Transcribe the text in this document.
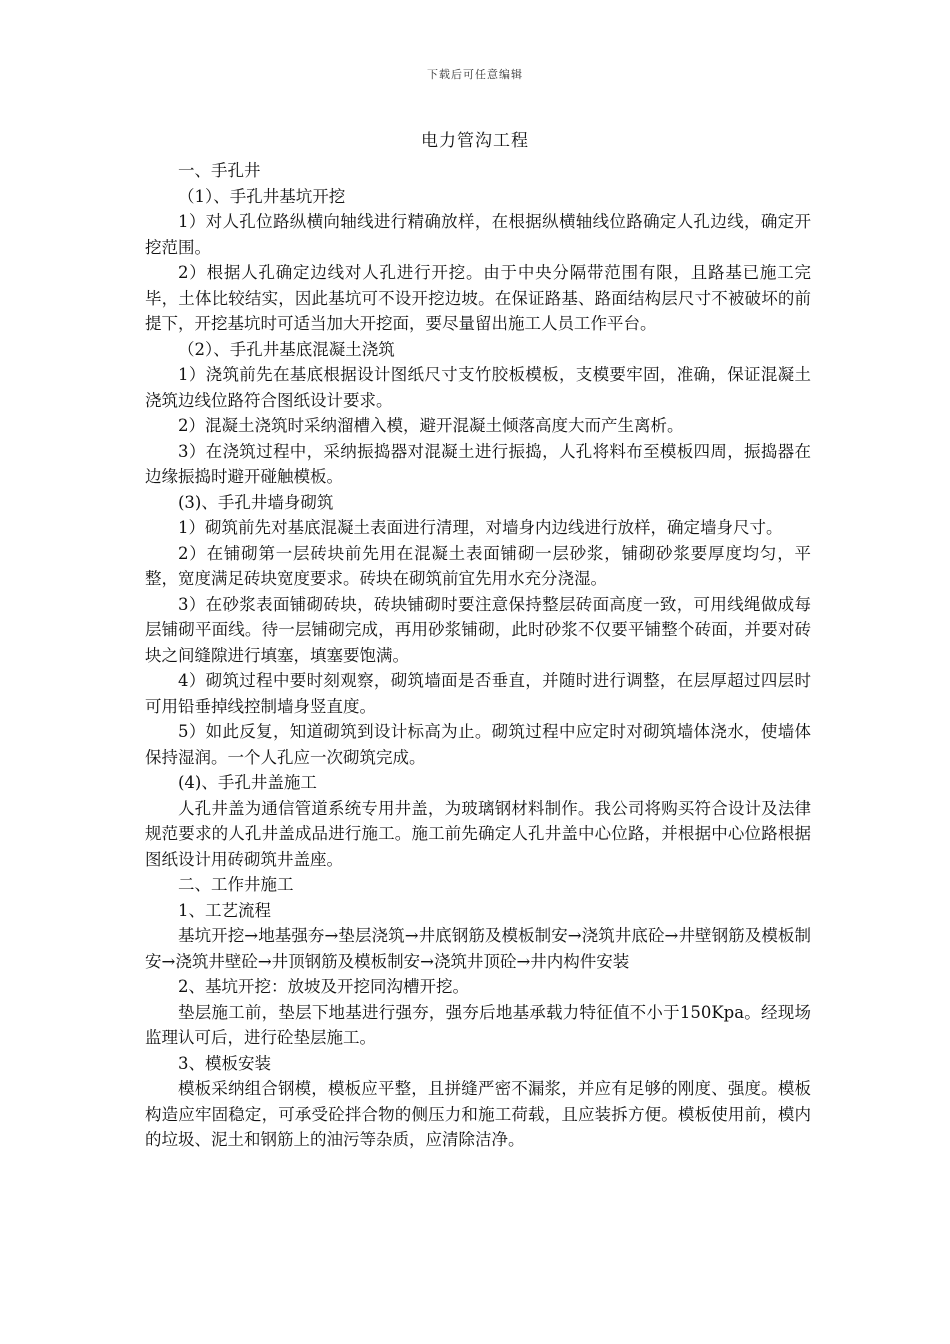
下载后可任意编辑
电力管沟工程

一、手孔井

（1）、手孔井基坑开挖

1）对人孔位路纵横向轴线进行精确放样，在根据纵横轴线位路确定人孔边线，确定开挖范围。

2）根据人孔确定边线对人孔进行开挖。由于中央分隔带范围有限，且路基已施工完毕，土体比较结实，因此基坑可不设开挖边坡。在保证路基、路面结构层尺寸不被破坏的前提下，开挖基坑时可适当加大开挖面，要尽量留出施工人员工作平台。

（2）、手孔井基底混凝土浇筑

1）浇筑前先在基底根据设计图纸尺寸支竹胶板模板，支模要牢固，准确，保证混凝土浇筑边线位路符合图纸设计要求。

2）混凝土浇筑时采纳溜槽入模，避开混凝土倾落高度大而产生离析。

3）在浇筑过程中，采纳振捣器对混凝土进行振捣，人孔将料布至模板四周，振捣器在边缘振捣时避开碰触模板。

(3)、手孔井墙身砌筑

1）砌筑前先对基底混凝土表面进行清理，对墙身内边线进行放样，确定墙身尺寸。

2）在铺砌第一层砖块前先用在混凝土表面铺砌一层砂浆，铺砌砂浆要厚度均匀，平整，宽度满足砖块宽度要求。砖块在砌筑前宜先用水充分浇湿。

3）在砂浆表面铺砌砖块，砖块铺砌时要注意保持整层砖面高度一致，可用线绳做成每层铺砌平面线。待一层铺砌完成，再用砂浆铺砌，此时砂浆不仅要平铺整个砖面，并要对砖块之间缝隙进行填塞，填塞要饱满。

4）砌筑过程中要时刻观察，砌筑墙面是否垂直，并随时进行调整，在层厚超过四层时可用铅垂掉线控制墙身竖直度。

5）如此反复，知道砌筑到设计标高为止。砌筑过程中应定时对砌筑墙体浇水，使墙体保持湿润。一个人孔应一次砌筑完成。

(4)、手孔井盖施工

人孔井盖为通信管道系统专用井盖，为玻璃钢材料制作。我公司将购买符合设计及法律规范要求的人孔井盖成品进行施工。施工前先确定人孔井盖中心位路，并根据中心位路根据图纸设计用砖砌筑井盖座。

二、工作井施工

1、工艺流程

基坑开挖→地基强夯→垫层浇筑→井底钢筋及模板制安→浇筑井底砼→井壁钢筋及模板制安→浇筑井壁砼→井顶钢筋及模板制安→浇筑井顶砼→井内构件安装

2、基坑开挖：放坡及开挖同沟槽开挖。

垫层施工前，垫层下地基进行强夯，强夯后地基承载力特征值不小于150Kpa。经现场监理认可后，进行砼垫层施工。

3、模板安装

模板采纳组合钢模，模板应平整，且拼缝严密不漏浆，并应有足够的刚度、强度。模板构造应牢固稳定，可承受砼拌合物的侧压力和施工荷载，且应装拆方便。模板使用前，模内的垃圾、泥土和钢筋上的油污等杂质，应清除洁净。
